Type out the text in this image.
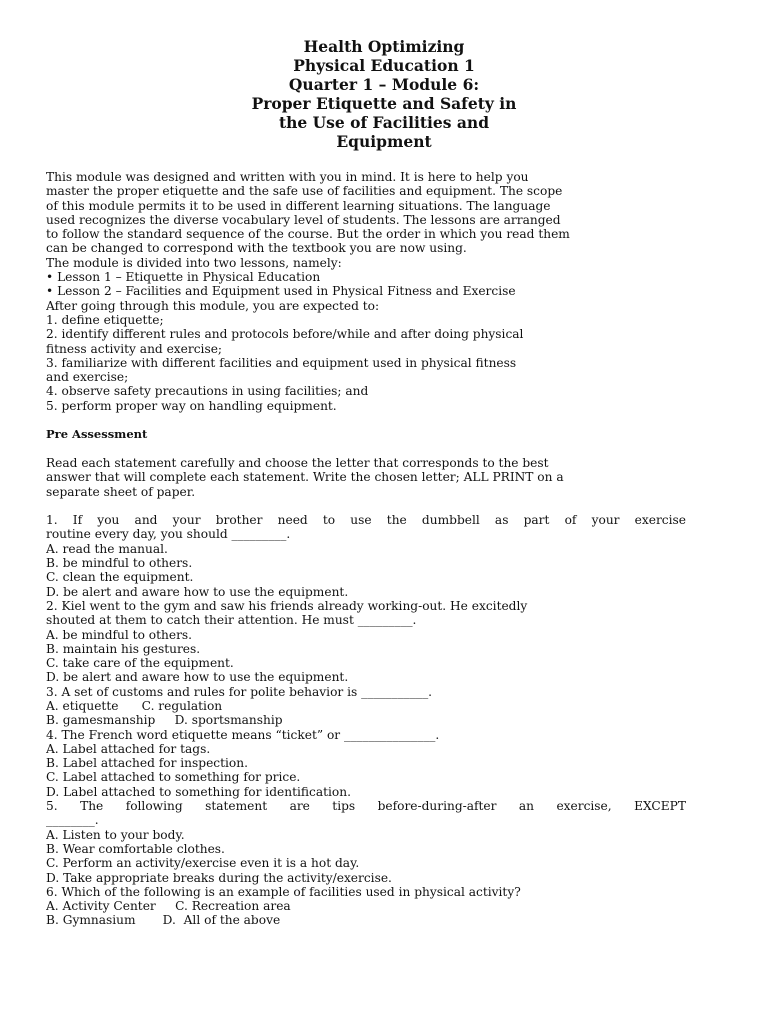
Health Optimizing
Physical Education 1
Quarter 1 – Module 6:
Proper Etiquette and Safety in
the Use of Facilities and
Equipment
This module was designed and written with you in mind. It is here to help you
master the proper etiquette and the safe use of facilities and equipment. The scope
of this module permits it to be used in different learning situations. The language
used recognizes the diverse vocabulary level of students. The lessons are arranged
to follow the standard sequence of the course. But the order in which you read them
can be changed to correspond with the textbook you are now using.
The module is divided into two lessons, namely:
• Lesson 1 – Etiquette in Physical Education
• Lesson 2 – Facilities and Equipment used in Physical Fitness and Exercise
After going through this module, you are expected to:
1. define etiquette;
2. identify different rules and protocols before/while and after doing physical
fitness activity and exercise;
3. familiarize with different facilities and equipment used in physical fitness
and exercise;
4. observe safety precautions in using facilities; and
5. perform proper way on handling equipment.
Pre Assessment
Read each statement carefully and choose the letter that corresponds to the best
answer that will complete each statement. Write the chosen letter; ALL PRINT on a
separate sheet of paper.
1. If you and your brother need to use the dumbbell as part of your exercise
routine every day, you should _________.
A. read the manual.
B. be mindful to others.
C. clean the equipment.
D. be alert and aware how to use the equipment.
2. Kiel went to the gym and saw his friends already working-out. He excitedly
shouted at them to catch their attention. He must _________.
A. be mindful to others.
B. maintain his gestures.
C. take care of the equipment.
D. be alert and aware how to use the equipment.
3. A set of customs and rules for polite behavior is ___________.
A. etiquette      C. regulation
B. gamesmanship     D. sportsmanship
4. The French word etiquette means “ticket” or _______________.
A. Label attached for tags.
B. Label attached for inspection.
C. Label attached to something for price.
D. Label attached to something for identification.
5. The following statement are tips before-during-after an exercise, EXCEPT
________.
A. Listen to your body.
B. Wear comfortable clothes.
C. Perform an activity/exercise even it is a hot day.
D. Take appropriate breaks during the activity/exercise.
6. Which of the following is an example of facilities used in physical activity?
A. Activity Center     C. Recreation area
B. Gymnasium       D.  All of the above
